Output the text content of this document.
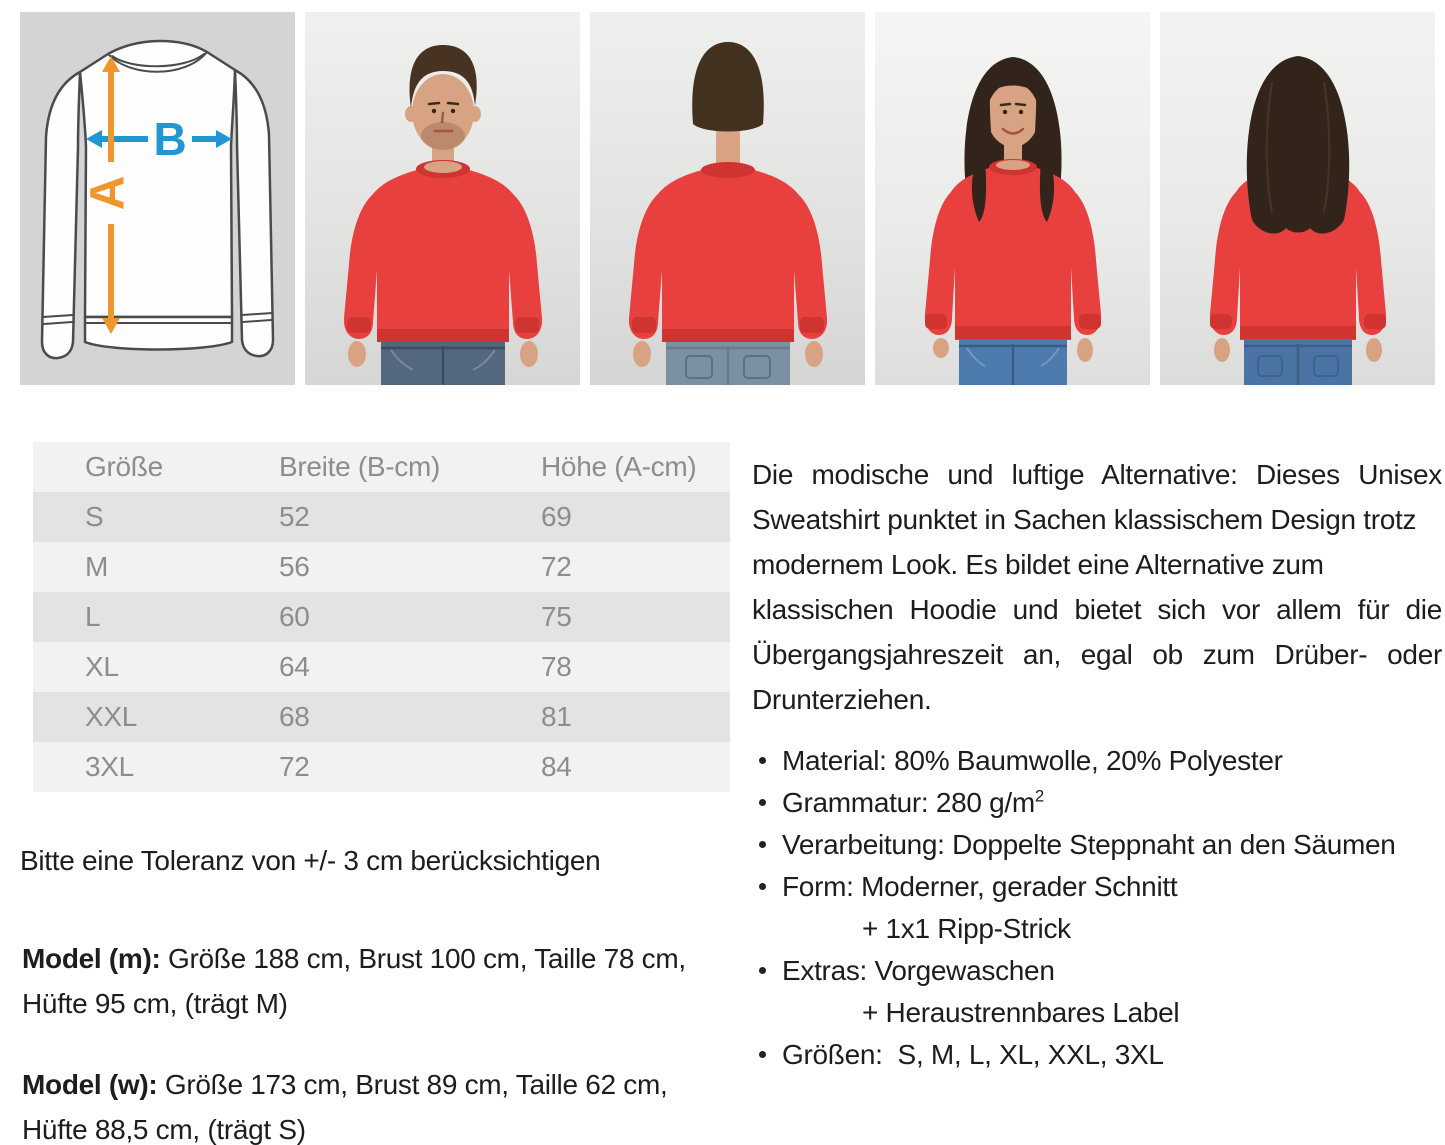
B
A
Größe	Breite (B-cm)	Höhe (A-cm)
S	52	69
M	56	72
L	60	75
XL	64	78
XXL	68	81
3XL	72	84

Bitte eine Toleranz von +/- 3 cm berücksichtigen

Model (m): Größe 188 cm, Brust 100 cm, Taille 78 cm,
Hüfte 95 cm, (trägt M)

Model (w): Größe 173 cm, Brust 89 cm, Taille 62 cm,
Hüfte 88,5 cm, (trägt S)

Die modische und luftige Alternative: Dieses Unisex
Sweatshirt punktet in Sachen klassischem Design trotz
modernem Look. Es bildet eine Alternative zum
klassischen Hoodie und bietet sich vor allem für die
Übergangsjahreszeit an, egal ob zum Drüber- oder
Drunterziehen.
Material: 80% Baumwolle, 20% Polyester
Grammatur: 280 $g/m^2$
Verarbeitung: Doppelte Steppnaht an den Säumen
Form: Moderner, gerader Schnitt
+ 1x1 Ripp-Strick
Extras: Vorgewaschen
+ Heraustrennbares Label
Größen:  S, M, L, XL, XXL, 3XL
